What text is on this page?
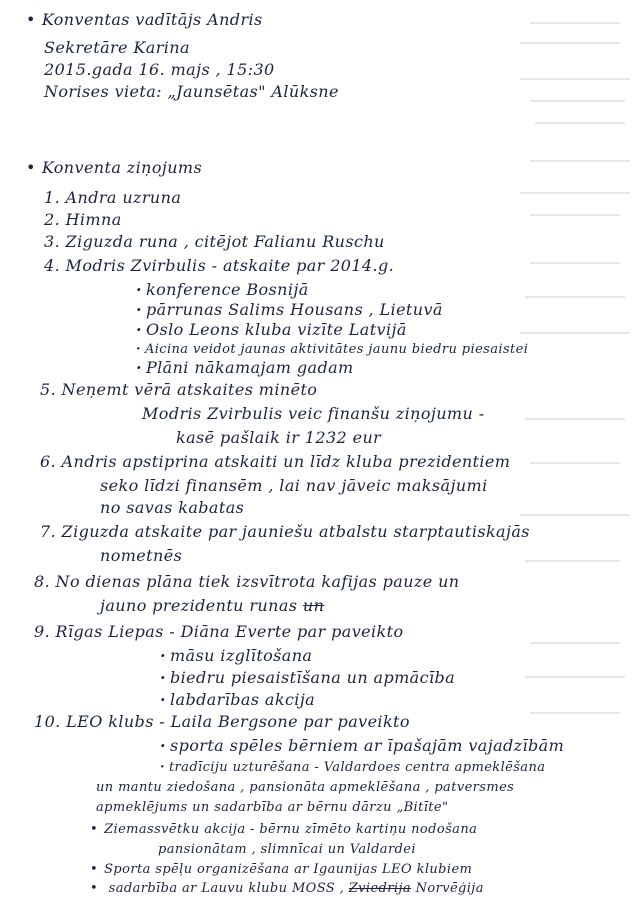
• Konventas vadītājs Andris
Sekretāre Karina
2015.gada 16. majs , 15:30
Norises vieta: „Jaunsētas" Alūksne
• Konventa ziņojums
1. Andra uzruna
2. Himna
3. Ziguzda runa , citējot Falianu Ruschu
4. Modris Zvirbulis - atskaite par 2014.g.
· konference Bosnijā
· pārrunas Salims Housans , Lietuvā
· Oslo Leons kluba vizīte Latvijā
· Aicina veidot jaunas aktivitātes jaunu biedru piesaistei
· Plāni nākamajam gadam
5. Neņemt vērā atskaites minēto
Modris Zvirbulis veic finanšu ziņojumu -
kasē pašlaik ir 1232 eur
6. Andris apstiprina atskaiti un līdz kluba prezidentiem
seko līdzi finansēm , lai nav jāveic maksājumi
no savas kabatas
7. Ziguzda atskaite par jauniešu atbalstu starptautiskajās
nometnēs
8. No dienas plāna tiek izsvītrota kafijas pauze un
jauno prezidentu runas un
9. Rīgas Liepas - Diāna Everte par paveikto
· māsu izglītošana
· biedru piesaistīšana un apmācība
· labdarības akcija
10. LEO klubs - Laila Bergsone par paveikto
· sporta spēles bērniem ar īpašajām vajadzībām
· tradīciju uzturēšana - Valdardoes centra apmeklēšana
un mantu ziedošana , pansionāta apmeklēšana , patversmes
apmeklējums un sadarbība ar bērnu dārzu „Bitīte"
• Ziemassvētku akcija - bērnu zīmēto kartiņu nodošana
pansionātam , slimnīcai un Valdardei
• Sporta spēļu organizēšana ar Igaunijas LEO klubiem
• sadarbība ar Lauvu klubu MOSS , Zviedrija Norvēģija
